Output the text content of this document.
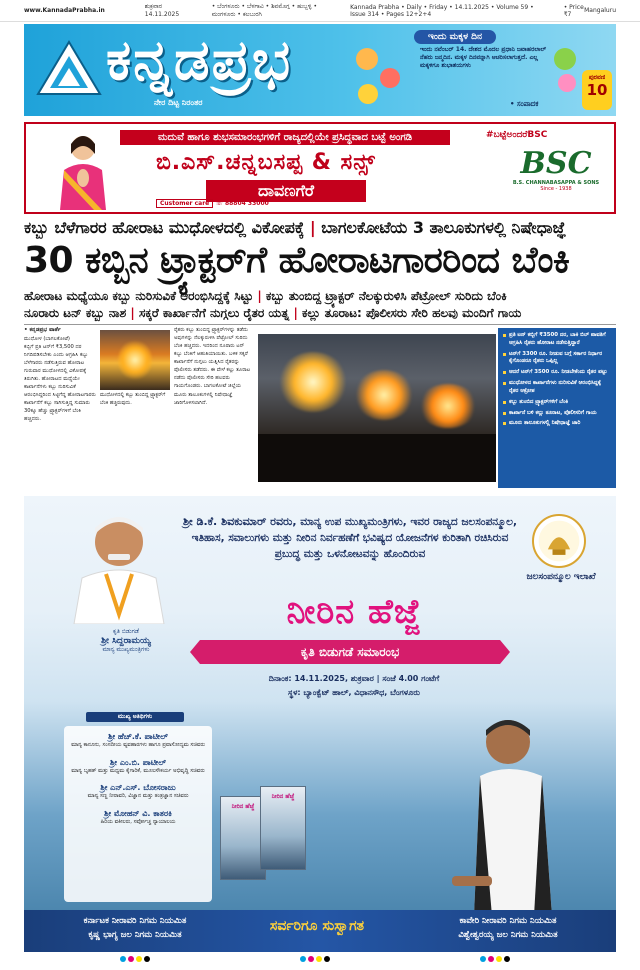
www.KannadaPrabha.in
ಶುಕ್ರವಾರ 14.11.2025
• ಬೆಂಗಳೂರು • ಬೆಳಗಾವಿ • ಶಿವಮೊಗ್ಗ • ಹುಬ್ಬಳ್ಳಿ • ಮಂಗಳೂರು • ಕಲಬುರಗಿ
Kannada Prabha • Daily • Friday • 14.11.2025 • Volume 59 • Issue 314 • Pages 12+2+4
• Price ₹7	Mangaluru
ಕನ್ನಡಪ್ರಭ
ನೇರ ದಿಟ್ಟ ನಿರಂತರ
ಇಂದು ಮಕ್ಕಳ ದಿನ
ಇಂದು ನವೆಂಬರ್ 14. ದೇಶದ ಮೊದಲ ಪ್ರಧಾನಿ ಜವಾಹರಲಾಲ್ ನೆಹರು ಜನ್ಮದಿನ. ಮಕ್ಕಳ ದಿನವನ್ನಾಗಿ ಆಚರಿಸಲಾಗುತ್ತದೆ. ಎಲ್ಲ ಮಕ್ಕಳಿಗೂ ಶುಭಾಶಯಗಳು
• ಸಂಪಾದಕ
ಪುರವಣಿ
10
ಮದುವೆ ಹಾಗೂ ಶುಭಸಮಾರಂಭಗಳಿಗೆ ರಾಜ್ಯದಲ್ಲಿಯೇ ಪ್ರಸಿದ್ಧವಾದ ಬಟ್ಟೆ ಅಂಗಡಿ	#ಬಟ್ಟೆಅಂದರೆBSC
ಬಿ.ಎಸ್.ಚನ್ನಬಸಪ್ಪ & ಸನ್ಸ್
ದಾವಣಗೆರೆ
Customer care ☏ 88804 33000
BSC
B.S. CHANNABASAPPA & SONS
Since - 1938
ಕಬ್ಬು ಬೆಳೆಗಾರರ ಹೋರಾಟ ಮುಧೋಳದಲ್ಲಿ ವಿಕೋಪಕ್ಕೆ | ಬಾಗಲಕೋಟೆಯ 3 ತಾಲೂಕುಗಳಲ್ಲಿ ನಿಷೇಧಾಜ್ಞೆ
30 ಕಬ್ಬಿನ ಟ್ರ್ಯಾಕ್ಟರ್‌ಗೆ ಹೋರಾಟಗಾರರಿಂದ ಬೆಂಕಿ
ಹೋರಾಟ ಮಧ್ಯೆಯೂ ಕಬ್ಬು ನುರಿಸುವಿಕೆ ಆರಂಭಿಸಿದ್ದಕ್ಕೆ ಸಿಟ್ಟು | ಕಬ್ಬು ತುಂಬಿದ್ದ ಟ್ರ್ಯಾಕ್ಟರ್ ನೆಲಕ್ಕುರುಳಿಸಿ ಪೆಟ್ರೋಲ್ ಸುರಿದು ಬೆಂಕಿ
ನೂರಾರು ಟನ್ ಕಬ್ಬು ನಾಶ | ಸಕ್ಕರೆ ಕಾರ್ಖಾನೆಗೆ ನುಗ್ಗಲು ರೈತರ ಯತ್ನ | ಕಲ್ಲು ತೂರಾಟ: ಪೊಲೀಸರು ಸೇರಿ ಹಲವು ಮಂದಿಗೆ ಗಾಯ
• ಕನ್ನಡಪ್ರಭ ವಾರ್ತೆ
ಮುಧೋಳ (ಬಾಗಲಕೋಟೆ)
ಕಬ್ಬಿಗೆ ಪ್ರತಿ ಟನ್‌ಗೆ ₹3,500 ದರ ನಿಗದಿಪಡಿಸಬೇಕು ಎಂದು ಆಗ್ರಹಿಸಿ ಕಬ್ಬು ಬೆಳೆಗಾರರು ನಡೆಸುತ್ತಿರುವ ಹೋರಾಟ ಗುರುವಾರ ಮುಧೋಳದಲ್ಲಿ ವಿಕೋಪಕ್ಕೆ ತಿರುಗಿತು. ಹೋರಾಟದ ಮಧ್ಯೆಯೇ ಕಾರ್ಖಾನೆಗಳು ಕಬ್ಬು ನುರಿಸುವಿಕೆ ಆರಂಭಿಸಿದ್ದರಿಂದ ಸಿಟ್ಟಿಗೆದ್ದ ಹೋರಾಟಗಾರರು ಕಾರ್ಖಾನೆಗೆ ಕಬ್ಬು ಸಾಗಿಸುತ್ತಿದ್ದ ಸುಮಾರು 30ಕ್ಕೂ ಹೆಚ್ಚು ಟ್ರ್ಯಾಕ್ಟರ್‌ಗಳಿಗೆ ಬೆಂಕಿ ಹಚ್ಚಿದರು.
ಮುಧೋಳದಲ್ಲಿ ಕಬ್ಬು ತುಂಬಿದ್ದ ಟ್ರ್ಯಾಕ್ಟರ್‌ಗೆ ಬೆಂಕಿ ಹಚ್ಚಿರುವುದು.
ರೈತರು ಕಬ್ಬು ತುಂಬಿದ್ದ ಟ್ರ್ಯಾಕ್ಟರ್‌ಗಳನ್ನು ತಡೆದು ಅವುಗಳನ್ನು ನೆಲಕ್ಕುರುಳಿಸಿ ಪೆಟ್ರೋಲ್ ಸುರಿದು ಬೆಂಕಿ ಹಚ್ಚಿದರು. ಇದರಿಂದ ನೂರಾರು ಟನ್ ಕಬ್ಬು ಬೆಂಕಿಗೆ ಆಹುತಿಯಾಯಿತು. ಬಳಿಕ ಸಕ್ಕರೆ ಕಾರ್ಖಾನೆಗೆ ನುಗ್ಗಲು ಯತ್ನಿಸಿದ ರೈತರನ್ನು ಪೊಲೀಸರು ತಡೆದರು. ಈ ವೇಳೆ ಕಲ್ಲು ತೂರಾಟ ನಡೆದು ಪೊಲೀಸರು ಸೇರಿ ಹಲವರು ಗಾಯಗೊಂಡರು. ಬಾಗಲಕೋಟೆ ಜಿಲ್ಲೆಯ ಮೂರು ತಾಲೂಕುಗಳಲ್ಲಿ ನಿಷೇಧಾಜ್ಞೆ ಜಾರಿಗೊಳಿಸಲಾಗಿದೆ.
ಪ್ರತಿ ಟನ್ ಕಬ್ಬಿಗೆ ₹3500 ದರ, ಬಾಕಿ ಬಿಲ್ ಪಾವತಿಗೆ ಆಗ್ರಹಿಸಿ ರೈತರು ಹೋರಾಟ ನಡೆಸುತ್ತಿದ್ದಾರೆ
ಟನ್‌ಗೆ 3300 ರೂ. ನೀಡುವ ಬಗ್ಗೆ ಸರ್ಕಾರ ನಿರ್ಧಾರ ಕೈಗೊಂಡರೂ ರೈತರು ಒಪ್ಪಿಲ್ಲ
ಆದರೆ ಟನ್‌ಗೆ 3500 ರೂ. ನೀಡಬೇಕೆಂದು ರೈತರ ಪಟ್ಟು
ಮುಧೋಳದ ಕಾರ್ಖಾನೆಗಳು ನುರಿಸುವಿಕೆ ಆರಂಭಿಸಿದ್ದಕ್ಕೆ ರೈತರ ಆಕ್ರೋಶ
ಕಬ್ಬು ತುಂಬಿದ ಟ್ರ್ಯಾಕ್ಟರ್‌ಗಳಿಗೆ ಬೆಂಕಿ
ಕಾರ್ಖಾನೆ ಬಳಿ ಕಲ್ಲು ತೂರಾಟ, ಪೊಲೀಸರಿಗೆ ಗಾಯ
ಮೂರು ತಾಲೂಕುಗಳಲ್ಲಿ ನಿಷೇಧಾಜ್ಞೆ ಜಾರಿ
ಕೃತಿ ಬಿಡುಗಡೆ
ಶ್ರೀ ಸಿದ್ದರಾಮಯ್ಯ
ಮಾನ್ಯ ಮುಖ್ಯಮಂತ್ರಿಗಳು
ಶ್ರೀ ಡಿ.ಕೆ. ಶಿವಕುಮಾರ್ ರವರು, ಮಾನ್ಯ ಉಪ ಮುಖ್ಯಮಂತ್ರಿಗಳು, ಇವರ ರಾಜ್ಯದ ಜಲಸಂಪನ್ಮೂಲ, ಇತಿಹಾಸ, ಸವಾಲುಗಳು ಮತ್ತು ನೀರಿನ ನಿರ್ವಹಣೆಗೆ ಭವಿಷ್ಯದ ಯೋಜನೆಗಳ ಕುರಿತಾಗಿ ರಚಿಸಿರುವ ಪ್ರಬುದ್ಧ ಮತ್ತು ಒಳನೋಟವನ್ನು ಹೊಂದಿರುವ
ಜಲಸಂಪನ್ಮೂಲ ಇಲಾಖೆ
ನೀರಿನ ಹೆಜ್ಜೆ
ಕೃತಿ ಬಿಡುಗಡೆ ಸಮಾರಂಭ
ದಿನಾಂಕ: 14.11.2025, ಶುಕ್ರವಾರ | ಸಂಜೆ 4.00 ಗಂಟೆಗೆ
ಸ್ಥಳ: ಬ್ಯಾಂಕ್ವೆಟ್ ಹಾಲ್, ವಿಧಾನಸೌಧ, ಬೆಂಗಳೂರು
ಮುಖ್ಯ ಅತಿಥಿಗಳು
ಶ್ರೀ ಹೆಚ್.ಕೆ. ಪಾಟೀಲ್
ಮಾನ್ಯ ಕಾನೂನು, ಸಂಸದೀಯ ವ್ಯವಹಾರಗಳು ಹಾಗೂ ಪ್ರವಾಸೋದ್ಯಮ ಸಚಿವರು
ಶ್ರೀ ಎಂ.ಬಿ. ಪಾಟೀಲ್
ಮಾನ್ಯ ಬೃಹತ್ ಮತ್ತು ಮಧ್ಯಮ ಕೈಗಾರಿಕೆ, ಮೂಲಸೌಕರ್ಯ ಅಭಿವೃದ್ಧಿ ಸಚಿವರು
ಶ್ರೀ ಎನ್.ಎಸ್. ಬೋಸರಾಜು
ಮಾನ್ಯ ಸಣ್ಣ ನೀರಾವರಿ, ವಿಜ್ಞಾನ ಮತ್ತು ತಂತ್ರಜ್ಞಾನ ಸಚಿವರು
ಶ್ರೀ ಮೋಹನ್ ವಿ. ಕಾತರಕಿ
ಹಿರಿಯ ವಕೀಲರು, ಸರ್ವೋಚ್ಚ ನ್ಯಾಯಾಲಯ
ನೀರಿನ ಹೆಜ್ಜೆ
ನೀರಿನ ಹೆಜ್ಜೆ
ಕರ್ನಾಟಕ ನೀರಾವರಿ ನಿಗಮ ನಿಯಮಿತ
ಕೃಷ್ಣ ಭಾಗ್ಯ ಜಲ ನಿಗಮ ನಿಯಮಿತ
ಸರ್ವರಿಗೂ ಸುಸ್ವಾಗತ	ಕಾವೇರಿ ನೀರಾವರಿ ನಿಗಮ ನಿಯಮಿತ
ವಿಶ್ವೇಶ್ವರಯ್ಯ ಜಲ ನಿಗಮ ನಿಯಮಿತ
